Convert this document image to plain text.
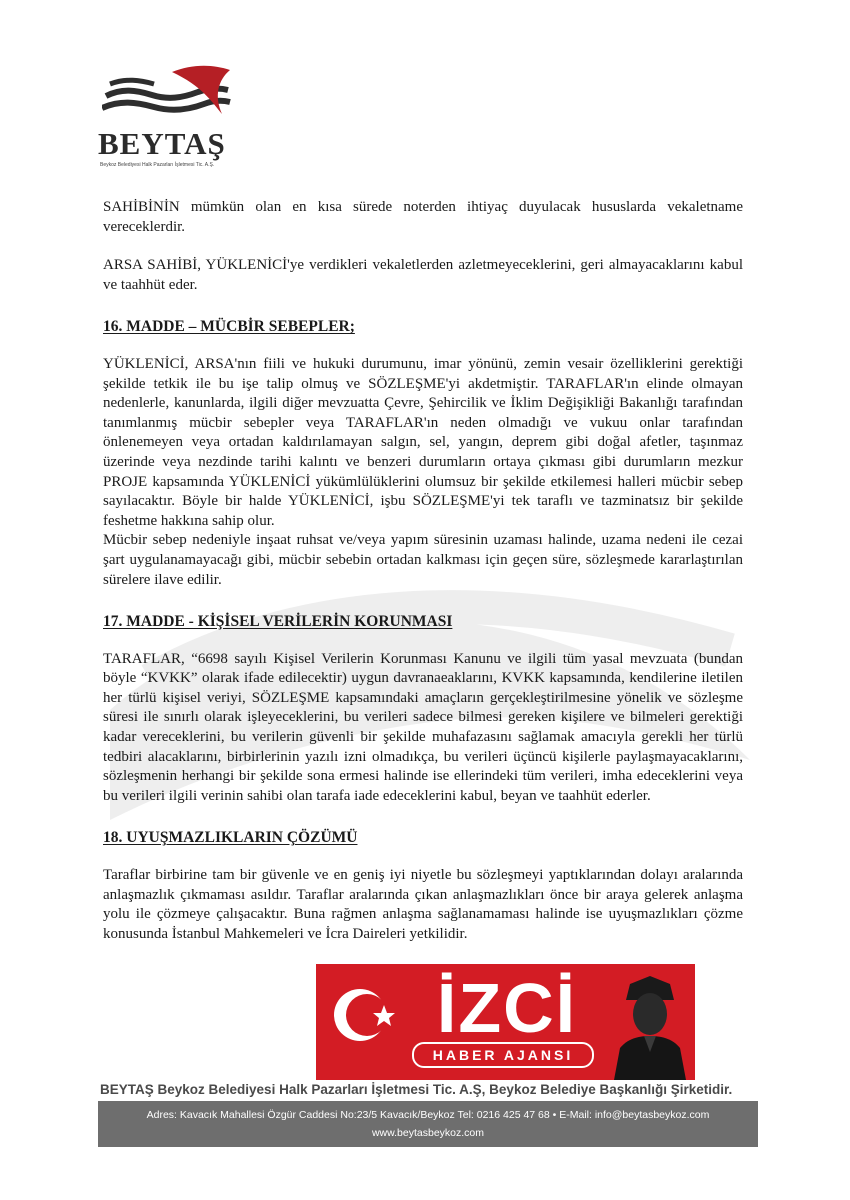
BEYTAŞ
Beykoz Belediyesi Halk Pazarları İşletmesi Tic. A.Ş.

SAHİBİNİN mümkün olan en kısa sürede noterden ihtiyaç duyulacak hususlarda vekaletname vereceklerdir.

ARSA SAHİBİ, YÜKLENİCİ'ye verdikleri vekaletlerden azletmeyeceklerini, geri almayacaklarını kabul ve taahhüt eder.

16. MADDE – MÜCBİR SEBEPLER;

YÜKLENİCİ, ARSA'nın fiili ve hukuki durumunu, imar yönünü, zemin vesair özelliklerini gerektiği şekilde tetkik ile bu işe talip olmuş ve SÖZLEŞME'yi akdetmiştir. TARAFLAR'ın elinde olmayan nedenlerle, kanunlarda, ilgili diğer mevzuatta Çevre, Şehircilik ve İklim Değişikliği Bakanlığı tarafından tanımlanmış mücbir sebepler veya TARAFLAR'ın neden olmadığı ve vukuu onlar tarafından önlenemeyen veya ortadan kaldırılamayan salgın, sel, yangın, deprem gibi doğal afetler, taşınmaz üzerinde veya nezdinde tarihi kalıntı ve benzeri durumların ortaya çıkması gibi durumların mezkur PROJE kapsamında YÜKLENİCİ yükümlülüklerini olumsuz bir şekilde etkilemesi halleri mücbir sebep sayılacaktır. Böyle bir halde YÜKLENİCİ, işbu SÖZLEŞME'yi tek taraflı ve tazminatsız bir şekilde feshetme hakkına sahip olur.

Mücbir sebep nedeniyle inşaat ruhsat ve/veya yapım süresinin uzaması halinde, uzama nedeni ile cezai şart uygulanamayacağı gibi, mücbir sebebin ortadan kalkması için geçen süre, sözleşmede kararlaştırılan sürelere ilave edilir.

17. MADDE - KİŞİSEL VERİLERİN KORUNMASI

TARAFLAR, “6698 sayılı Kişisel Verilerin Korunması Kanunu ve ilgili tüm yasal mevzuata (bundan böyle “KVKK” olarak ifade edilecektir) uygun davranaeaklarını, KVKK kapsamında, kendilerine iletilen her türlü kişisel veriyi, SÖZLEŞME kapsamındaki amaçların gerçekleştirilmesine yönelik ve sözleşme süresi ile sınırlı olarak işleyeceklerini, bu verileri sadece bilmesi gereken kişilere ve bilmeleri gerektiği kadar vereceklerini, bu verilerin güvenli bir şekilde muhafazasını sağlamak amacıyla gerekli her türlü tedbiri alacaklarını, birbirlerinin yazılı izni olmadıkça, bu verileri üçüncü kişilerle paylaşmayacaklarını, sözleşmenin herhangi bir şekilde sona ermesi halinde ise ellerindeki tüm verileri, imha edeceklerini veya bu verileri ilgili verinin sahibi olan tarafa iade edeceklerini kabul, beyan ve taahhüt ederler.

18. UYUŞMAZLIKLARIN ÇÖZÜMÜ

Taraflar birbirine tam bir güvenle ve en geniş iyi niyetle bu sözleşmeyi yaptıklarından dolayı aralarında anlaşmazlık çıkmaması asıldır. Taraflar aralarında çıkan anlaşmazlıkları önce bir araya gelerek anlaşma yolu ile çözmeye çalışacaktır. Buna rağmen anlaşma sağlanamaması halinde ise uyuşmazlıkları çözme konusunda İstanbul Mahkemeleri ve İcra Daireleri yetkilidir.

İZCİ
HABER AJANSI
BEYTAŞ Beykoz Belediyesi Halk Pazarları İşletmesi Tic. A.Ş, Beykoz Belediye Başkanlığı Şirketidir.
Adres: Kavacık Mahallesi Özgür Caddesi No:23/5 Kavacık/Beykoz Tel: 0216 425 47 68 • E-Mail: info@beytasbeykoz.com
www.beytasbeykoz.com
